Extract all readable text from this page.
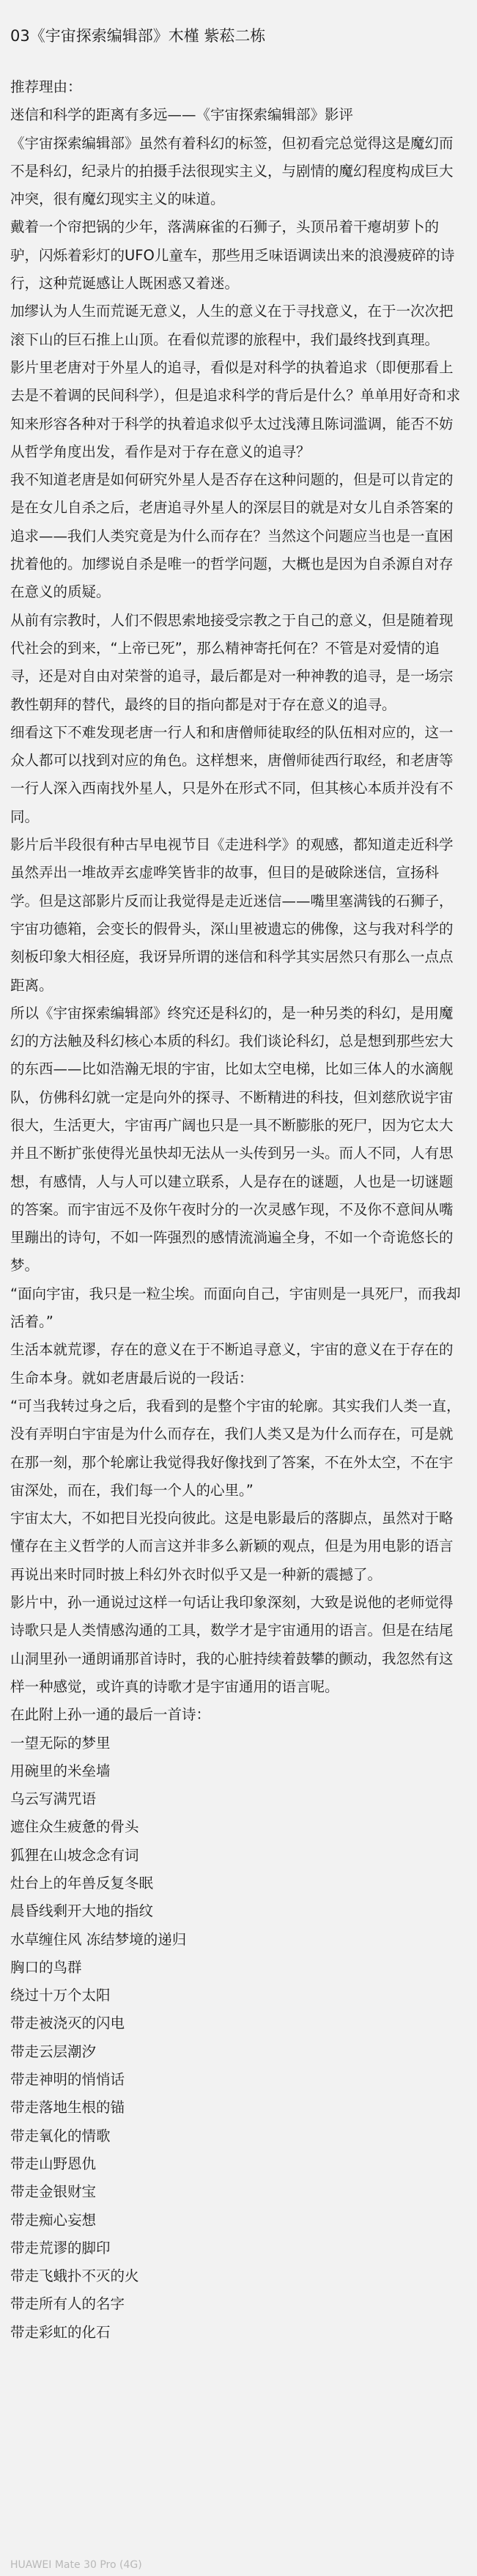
03《宇宙探索编辑部》木槿 紫菘二栋

推荐理由：

迷信和科学的距离有多远——《宇宙探索编辑部》影评

《宇宙探索编辑部》虽然有着科幻的标签，但初看完总觉得这是魔幻而不是科幻，纪录片的拍摄手法很现实主义，与剧情的魔幻程度构成巨大冲突，很有魔幻现实主义的味道。

戴着一个帘把锅的少年，落满麻雀的石狮子，头顶吊着干瘪胡萝卜的驴，闪烁着彩灯的UFO儿童车，那些用乏味语调读出来的浪漫疲碎的诗行，这种荒诞感让人既困惑又着迷。

加缪认为人生而荒诞无意义，人生的意义在于寻找意义，在于一次次把滚下山的巨石推上山顶。在看似荒谬的旅程中，我们最终找到真理。

影片里老唐对于外星人的追寻，看似是对科学的执着追求（即便那看上去是不着调的民间科学），但是追求科学的背后是什么？单单用好奇和求知来形容各种对于科学的执着追求似乎太过浅薄且陈词滥调，能否不妨从哲学角度出发，看作是对于存在意义的追寻？

我不知道老唐是如何研究外星人是否存在这种问题的，但是可以肯定的是在女儿自杀之后，老唐追寻外星人的深层目的就是对女儿自杀答案的追求——我们人类究竟是为什么而存在？当然这个问题应当也是一直困扰着他的。加缪说自杀是唯一的哲学问题，大概也是因为自杀源自对存在意义的质疑。

从前有宗教时，人们不假思索地接受宗教之于自己的意义，但是随着现代社会的到来，“上帝已死”，那么精神寄托何在？不管是对爱情的追寻，还是对自由对荣誉的追寻，最后都是对一种神教的追寻，是一场宗教性朝拜的替代，最终的目的指向都是对于存在意义的追寻。

细看这下不难发现老唐一行人和和唐僧师徒取经的队伍相对应的，这一众人都可以找到对应的角色。这样想来，唐僧师徒西行取经，和老唐等一行人深入西南找外星人，只是外在形式不同，但其核心本质并没有不同。

影片后半段很有种古早电视节目《走进科学》的观感，都知道走近科学虽然弄出一堆故弄玄虚哗笑皆非的故事，但目的是破除迷信，宣扬科学。但是这部影片反而让我觉得是走近迷信——嘴里塞满钱的石狮子，宇宙功德箱，会变长的假骨头，深山里被遗忘的佛像，这与我对科学的刻板印象大相径庭，我讶异所谓的迷信和科学其实居然只有那么一点点距离。

所以《宇宙探索编辑部》终究还是科幻的，是一种另类的科幻，是用魔幻的方法触及科幻核心本质的科幻。我们谈论科幻，总是想到那些宏大的东西——比如浩瀚无垠的宇宙，比如太空电梯，比如三体人的水滴舰队，仿佛科幻就一定是向外的探寻、不断精进的科技，但刘慈欣说宇宙很大，生活更大，宇宙再广阔也只是一具不断膨胀的死尸，因为它太大并且不断扩张使得光虽快却无法从一头传到另一头。而人不同，人有思想，有感情，人与人可以建立联系，人是存在的谜题，人也是一切谜题的答案。而宇宙远不及你午夜时分的一次灵感乍现，不及你不意间从嘴里蹦出的诗句，不如一阵强烈的感情流淌遍全身，不如一个奇诡悠长的梦。

“面向宇宙，我只是一粒尘埃。而面向自己，宇宙则是一具死尸，而我却活着。”

生活本就荒谬，存在的意义在于不断追寻意义，宇宙的意义在于存在的生命本身。就如老唐最后说的一段话：

“可当我转过身之后，我看到的是整个宇宙的轮廓。其实我们人类一直，没有弄明白宇宙是为什么而存在，我们人类又是为什么而存在，可是就在那一刻，那个轮廓让我觉得我好像找到了答案，不在外太空，不在宇宙深处，而在，我们每一个人的心里。”

宇宙太大，不如把目光投向彼此。这是电影最后的落脚点，虽然对于略懂存在主义哲学的人而言这并非多么新颖的观点，但是为用电影的语言再说出来时同时披上科幻外衣时似乎又是一种新的震撼了。

影片中，孙一通说过这样一句话让我印象深刻，大致是说他的老师觉得诗歌只是人类情感沟通的工具，数学才是宇宙通用的语言。但是在结尾山洞里孙一通朗诵那首诗时，我的心脏持续着鼓攀的颤动，我忽然有这样一种感觉，或许真的诗歌才是宇宙通用的语言呢。

在此附上孙一通的最后一首诗：

一望无际的梦里

用碗里的米垒墙

乌云写满咒语

遮住众生疲惫的骨头

狐狸在山坡念念有词

灶台上的年兽反复冬眠

晨昏线剩开大地的指纹

水草缠住风 冻结梦境的递归

胸口的鸟群

绕过十万个太阳

带走被浇灭的闪电

带走云层潮汐

带走神明的悄悄话

带走落地生根的锚

带走氧化的情歌

带走山野恩仇

带走金银财宝

带走痴心妄想

带走荒谬的脚印

带走飞蛾扑不灭的火

带走所有人的名字

带走彩虹的化石

HUAWEI Mate 30 Pro (4G)
